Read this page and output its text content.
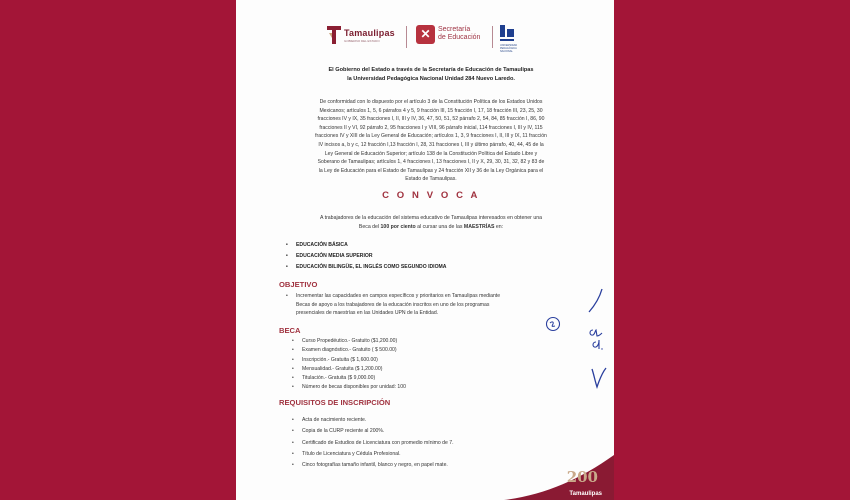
Tamaulipas
GOBIERNO DEL ESTADO	✕	Secretaría
de Educación
UNIVERSIDAD PEDAGÓGICA NACIONAL
El Gobierno del Estado a través de la Secretaría de Educación de Tamaulipas
la Universidad Pedagógica Nacional Unidad 284 Nuevo Laredo.
De conformidad con lo dispuesto por el artículo 3 de la Constitución Política de los Estados Unidos
Mexicanos; artículos 1, 5, 6 párrafos 4 y 5, 9 fracción III, 15 fracción I, 17, 18 fracción III, 23, 25, 30
fracciones IV y IX, 35 fracciones I, II, III y IV, 36, 47, 50, 51, 52 párrafo 2, 54, 84, 85 fracción I, 86, 90
fracciones II y VI, 92 párrafo 2, 95 fracciones I y VIII, 96 párrafo inicial, 114 fracciones I, III y IV, 115
fracciones IV y XIII de la Ley General de Educación; artículos 1, 3, 9 fracciones I, II, III y IX, 11 fracción
IV incisos a, b y c, 12 fracción I,13 fracción I, 28, 31 fracciones I, III y último párrafo, 40, 44, 45 de la
Ley General de Educación Superior; artículo 138 de la Constitución Política del Estado Libre y
Soberano de Tamaulipas; artículos 1, 4 fracciones I, 13 fracciones I, II y X, 29, 30, 31, 32, 82 y 83 de
la Ley de Educación para el Estado de Tamaulipas y 24 fracción XII y 36 de la Ley Orgánica para el
Estado de Tamaulipas.
C O N V O C A
A trabajadores de la educación del sistema educativo de Tamaulipas interesados en obtener una
Beca del 100 por ciento al cursar una de las MAESTRÍAS en:
• EDUCACIÓN BÁSICA
• EDUCACIÓN MEDIA SUPERIOR
• EDUCACIÓN BILINGÜE, EL INGLÉS COMO SEGUNDO IDIOMA
OBJETIVO
• Incrementar las capacidades en campos específicos y prioritarios en Tamaulipas mediante
Becas de apoyo a los trabajadores de la educación inscritos en uno de los programas
presenciales de maestrías en las Unidades UPN de la Entidad.
BECA
• Curso Propedéutico.- Gratuito ($1,200.00)
• Examen diagnóstico.- Gratuito ( $ 500.00)
• Inscripción.- Gratuita ($ 1,600.00)
• Mensualidad.- Gratuita ($ 1,200.00)
• Titulación.- Gratuita ($ 9,000.00)
• Número de becas disponibles por unidad: 100
REQUISITOS DE INSCRIPCIÓN
• Acta de nacimiento reciente.
• Copia de la CURP reciente al 200%.
• Certificado de Estudios de Licenciatura con promedio mínimo de 7.
• Título de Licenciatura y Cédula Profesional.
• Cinco fotografías tamaño infantil, blanco y negro, en papel mate.
200
Tamaulipas
